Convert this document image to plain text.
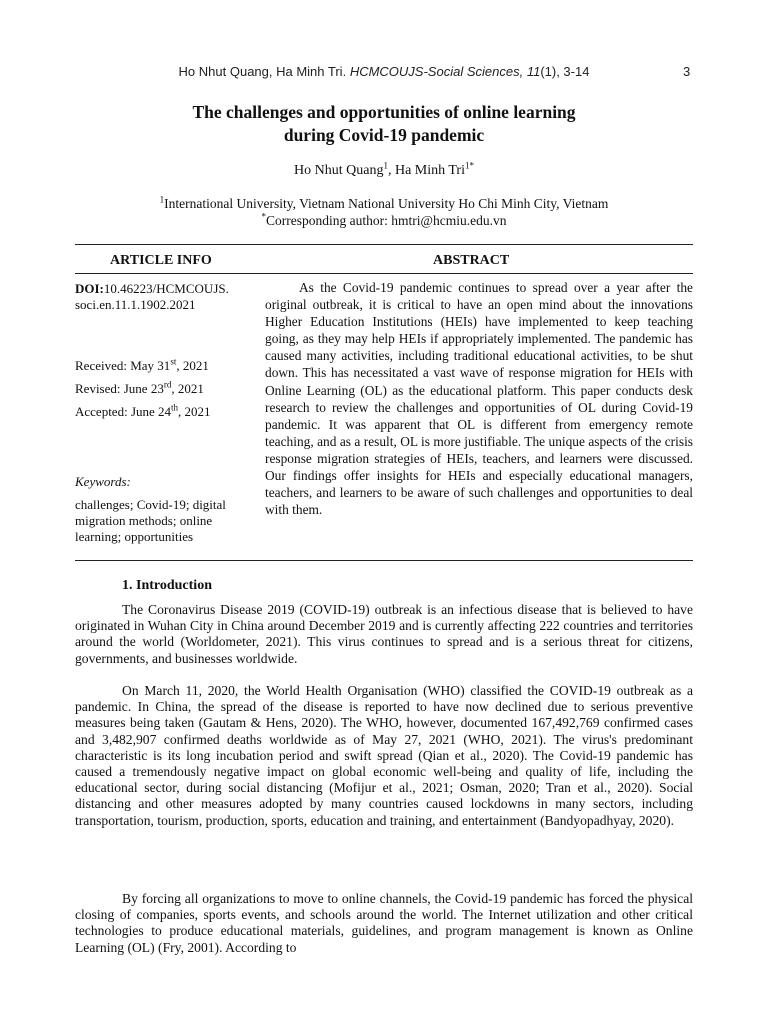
Ho Nhut Quang, Ha Minh Tri. HCMCOUJS-Social Sciences, 11(1), 3-14	3
The challenges and opportunities of online learning
during Covid-19 pandemic
Ho Nhut Quang$^1$, Ha Minh Tri$^{1*}$
$^1$International University, Vietnam National University Ho Chi Minh City, Vietnam
*Corresponding author: hmtri@hcmiu.edu.vn
ARTICLE INFO	ABSTRACT
DOI:10.46223/HCMCOUJS.
soci.en.11.1.1902.2021
Received: May 31st, 2021
Revised: June 23rd, 2021
Accepted: June 24th, 2021
Keywords:
challenges; Covid-19; digital migration methods; online learning; opportunities

As the Covid-19 pandemic continues to spread over a year after the original outbreak, it is critical to have an open mind about the innovations Higher Education Institutions (HEIs) have implemented to keep teaching going, as they may help HEIs if appropriately implemented. The pandemic has caused many activities, including traditional educational activities, to be shut down. This has necessitated a vast wave of response migration for HEIs with Online Learning (OL) as the educational platform. This paper conducts desk research to review the challenges and opportunities of OL during Covid-19 pandemic. It was apparent that OL is different from emergency remote teaching, and as a result, OL is more justifiable. The unique aspects of the crisis response migration strategies of HEIs, teachers, and learners were discussed. Our findings offer insights for HEIs and especially educational managers, teachers, and learners to be aware of such challenges and opportunities to deal with them.

1. Introduction

The Coronavirus Disease 2019 (COVID-19) outbreak is an infectious disease that is believed to have originated in Wuhan City in China around December 2019 and is currently affecting 222 countries and territories around the world (Worldometer, 2021). This virus continues to spread and is a serious threat for citizens, governments, and businesses worldwide.

On March 11, 2020, the World Health Organisation (WHO) classified the COVID-19 outbreak as a pandemic. In China, the spread of the disease is reported to have now declined due to serious preventive measures being taken (Gautam & Hens, 2020). The WHO, however, documented 167,492,769 confirmed cases and 3,482,907 confirmed deaths worldwide as of May 27, 2021 (WHO, 2021). The virus's predominant characteristic is its long incubation period and swift spread (Qian et al., 2020). The Covid-19 pandemic has caused a tremendously negative impact on global economic well-being and quality of life, including the educational sector, during social distancing (Mofijur et al., 2021; Osman, 2020; Tran et al., 2020). Social distancing and other measures adopted by many countries caused lockdowns in many sectors, including transportation, tourism, production, sports, education and training, and entertainment (Bandyopadhyay, 2020).

By forcing all organizations to move to online channels, the Covid-19 pandemic has forced the physical closing of companies, sports events, and schools around the world. The Internet utilization and other critical technologies to produce educational materials, guidelines, and program management is known as Online Learning (OL) (Fry, 2001). According to
